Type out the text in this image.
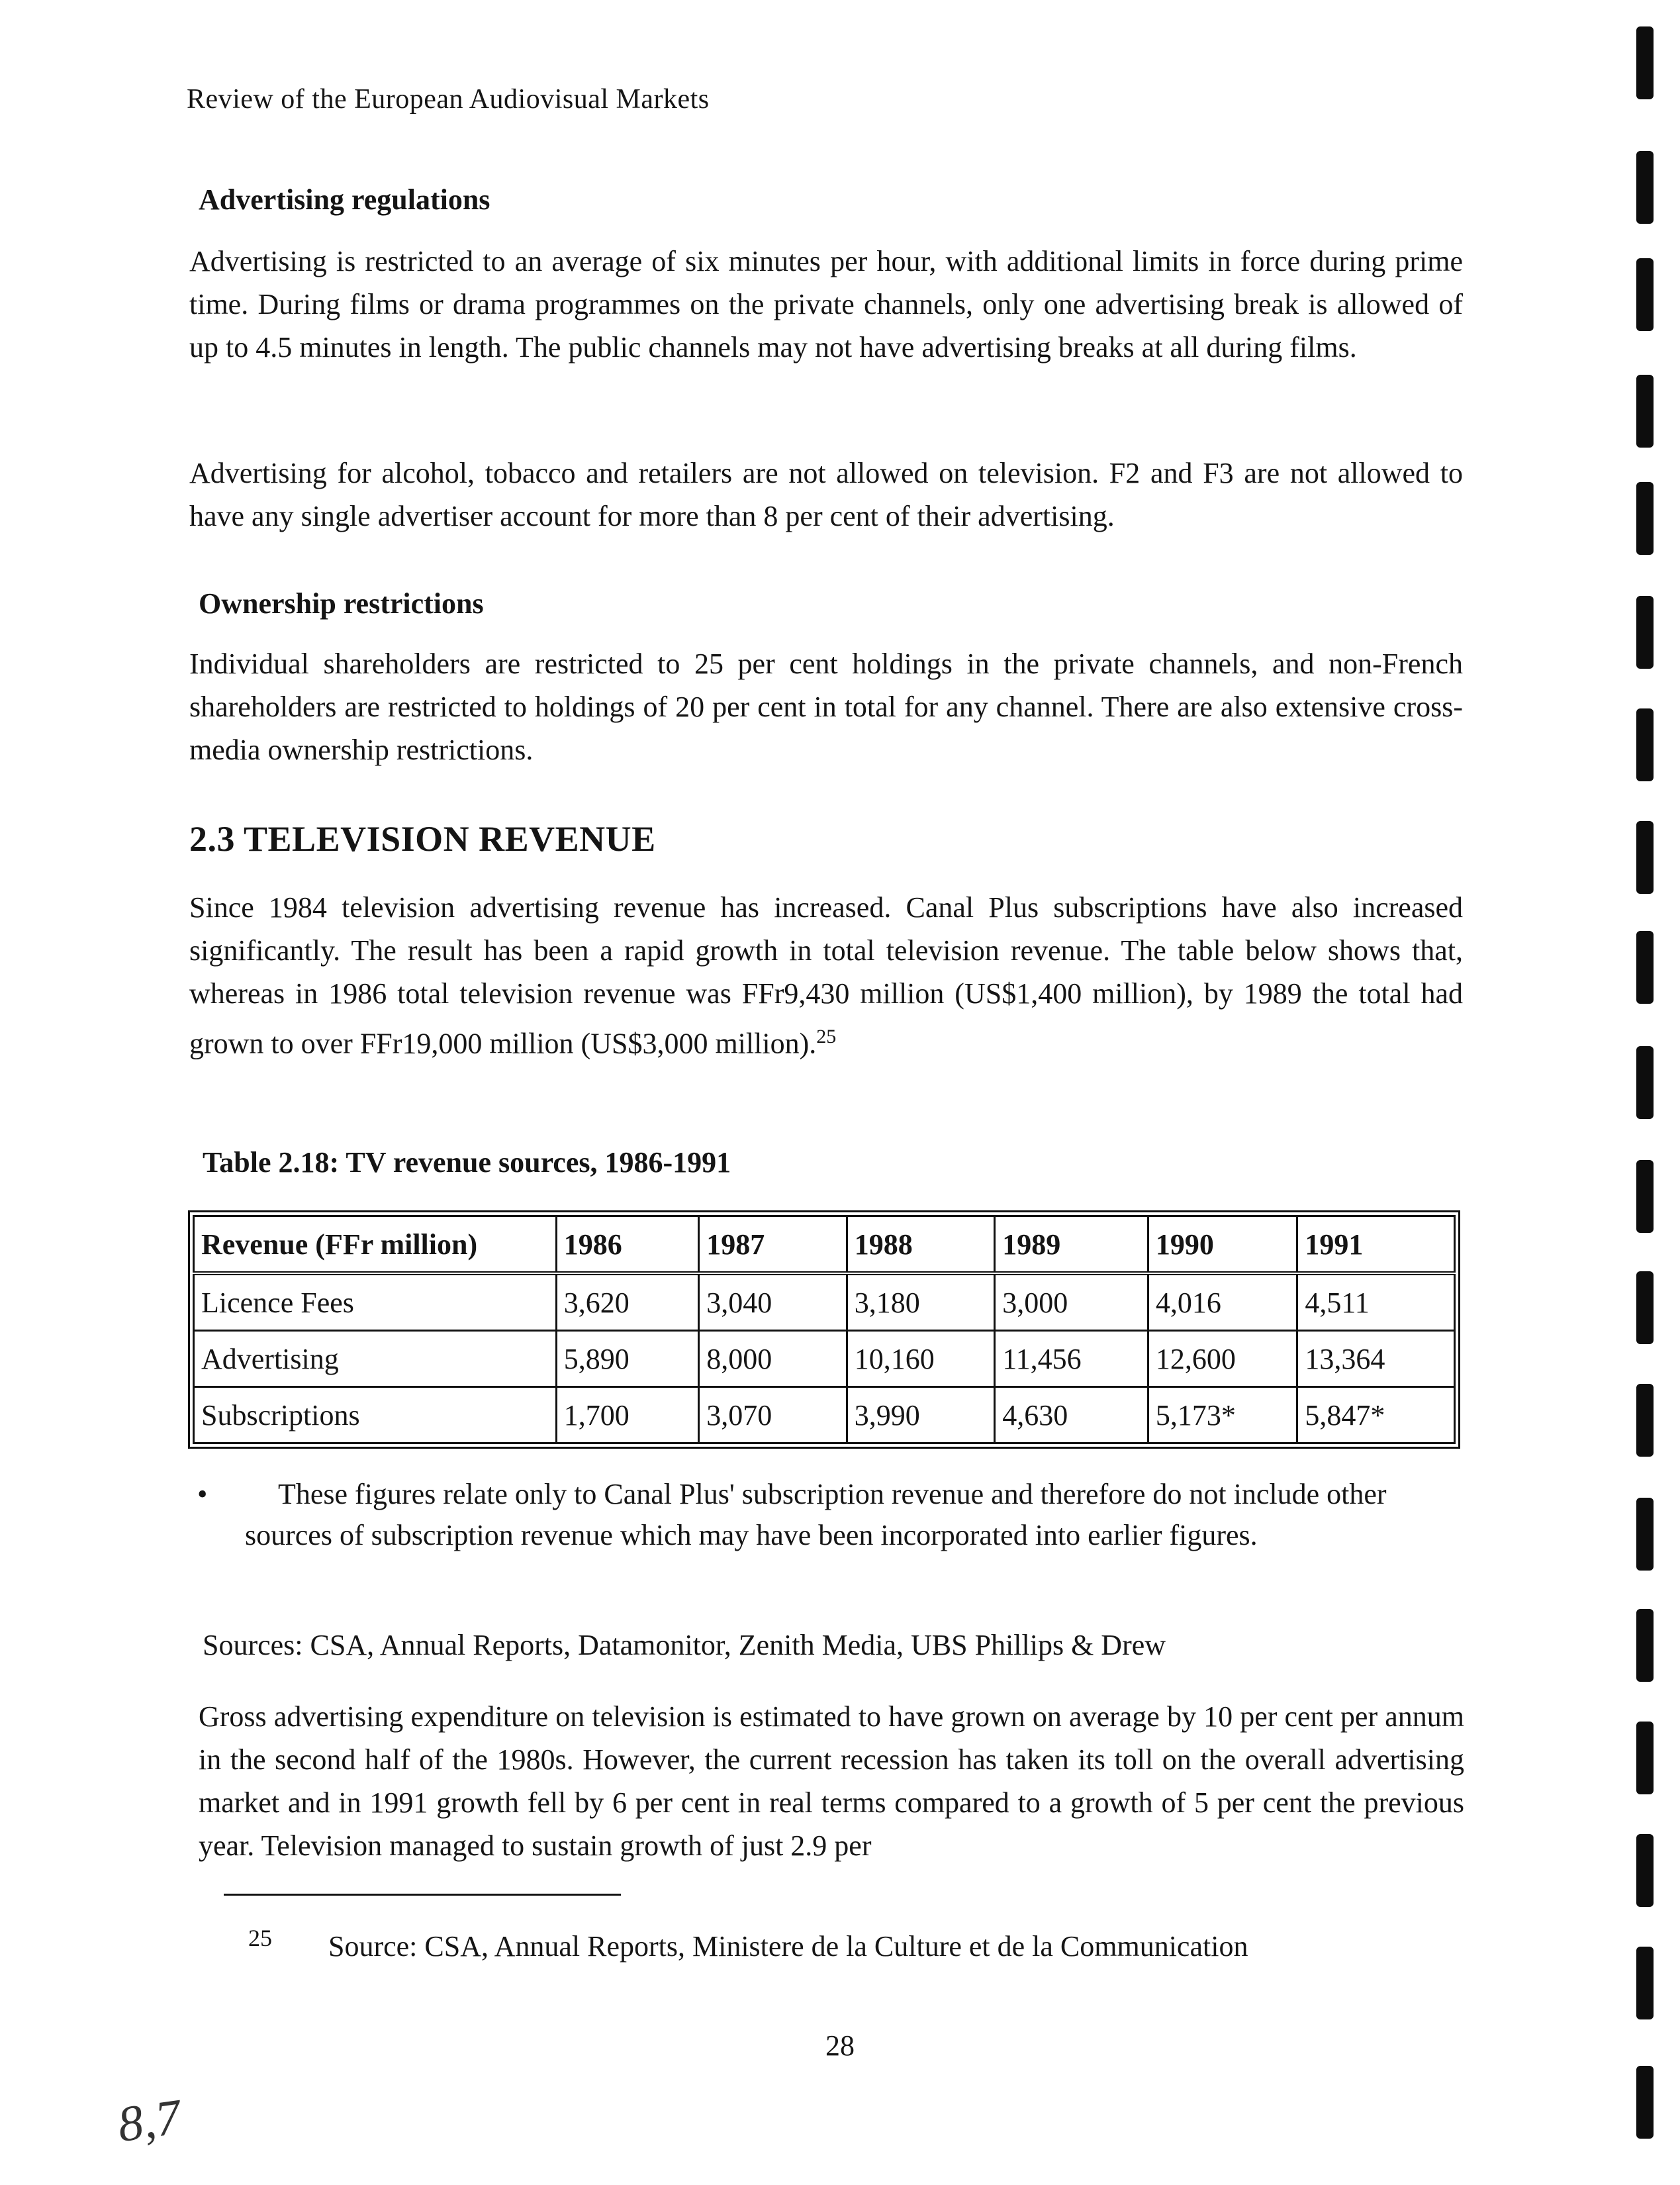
Review of the European Audiovisual Markets
Advertising regulations
Advertising is restricted to an average of six minutes per hour, with additional limits in force during prime time. During films or drama programmes on the private channels, only one advertising break is allowed of up to 4.5 minutes in length. The public channels may not have advertising breaks at all during films.
Advertising for alcohol, tobacco and retailers are not allowed on television. F2 and F3 are not allowed to have any single advertiser account for more than 8 per cent of their advertising.
Ownership restrictions
Individual shareholders are restricted to 25 per cent holdings in the private channels, and non-French shareholders are restricted to holdings of 20 per cent in total for any channel. There are also extensive cross-media ownership restrictions.
2.3 TELEVISION REVENUE
Since 1984 television advertising revenue has increased. Canal Plus subscriptions have also increased significantly. The result has been a rapid growth in total television revenue. The table below shows that, whereas in 1986 total television revenue was FFr9,430 million (US$1,400 million), by 1989 the total had grown to over FFr19,000 million (US$3,000 million).$^{25}$
Table 2.18: TV revenue sources, 1986-1991
Revenue (FFr million)	1986	1987	1988	1989	1990	1991
Licence Fees	3,620	3,040	3,180	3,000	4,016	4,511
Advertising	5,890	8,000	10,160	11,456	12,600	13,364
Subscriptions	1,700	3,070	3,990	4,630	5,173*	5,847*
•	These figures relate only to Canal Plus' subscription revenue and therefore do not include other sources of subscription revenue which may have been incorporated into earlier figures.
Sources: CSA, Annual Reports, Datamonitor, Zenith Media, UBS Phillips & Drew
Gross advertising expenditure on television is estimated to have grown on average by 10 per cent per annum in the second half of the 1980s. However, the current recession has taken its toll on the overall advertising market and in 1991 growth fell by 6 per cent in real terms compared to a growth of 5 per cent the previous year. Television managed to sustain growth of just 2.9 per
25 Source: CSA, Annual Reports, Ministere de la Culture et de la Communication
28
8,7
